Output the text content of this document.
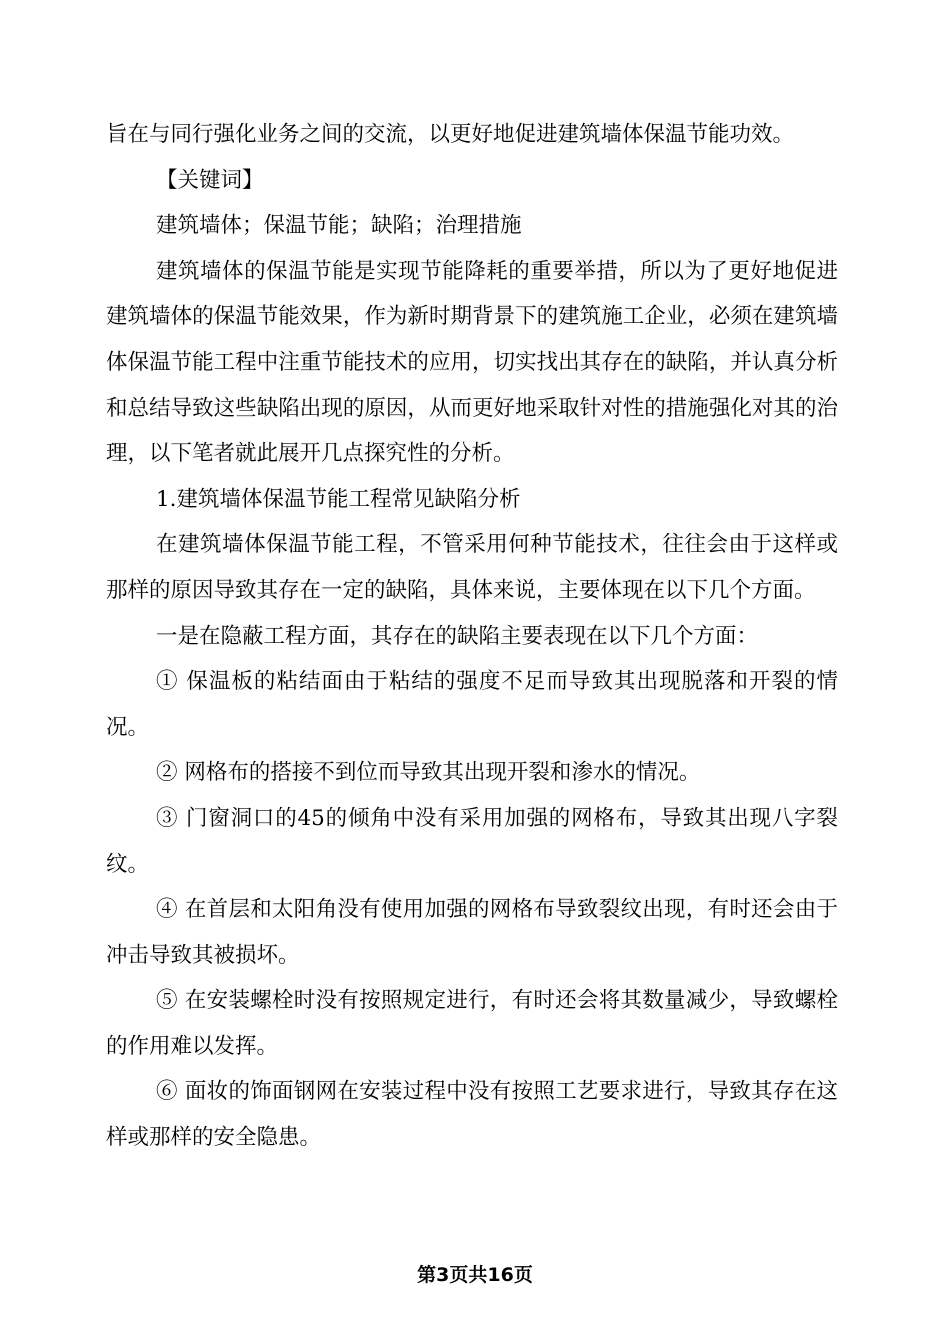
旨在与同行强化业务之间的交流，以更好地促进建筑墙体保温节能功效。

【关键词】

建筑墙体；保温节能；缺陷；治理措施

建筑墙体的保温节能是实现节能降耗的重要举措，所以为了更好地促进建筑墙体的保温节能效果，作为新时期背景下的建筑施工企业，必须在建筑墙体保温节能工程中注重节能技术的应用，切实找出其存在的缺陷，并认真分析和总结导致这些缺陷出现的原因，从而更好地采取针对性的措施强化对其的治理，以下笔者就此展开几点探究性的分析。

1.建筑墙体保温节能工程常见缺陷分析

在建筑墙体保温节能工程，不管采用何种节能技术，往往会由于这样或那样的原因导致其存在一定的缺陷，具体来说，主要体现在以下几个方面。

一是在隐蔽工程方面，其存在的缺陷主要表现在以下几个方面：

① 保温板的粘结面由于粘结的强度不足而导致其出现脱落和开裂的情况。

② 网格布的搭接不到位而导致其出现开裂和渗水的情况。

③ 门窗洞口的45的倾角中没有采用加强的网格布，导致其出现八字裂纹。

④ 在首层和太阳角没有使用加强的网格布导致裂纹出现，有时还会由于冲击导致其被损坏。

⑤ 在安装螺栓时没有按照规定进行，有时还会将其数量减少，导致螺栓的作用难以发挥。

⑥ 面妆的饰面钢网在安装过程中没有按照工艺要求进行，导致其存在这样或那样的安全隐患。

第3页共16页
